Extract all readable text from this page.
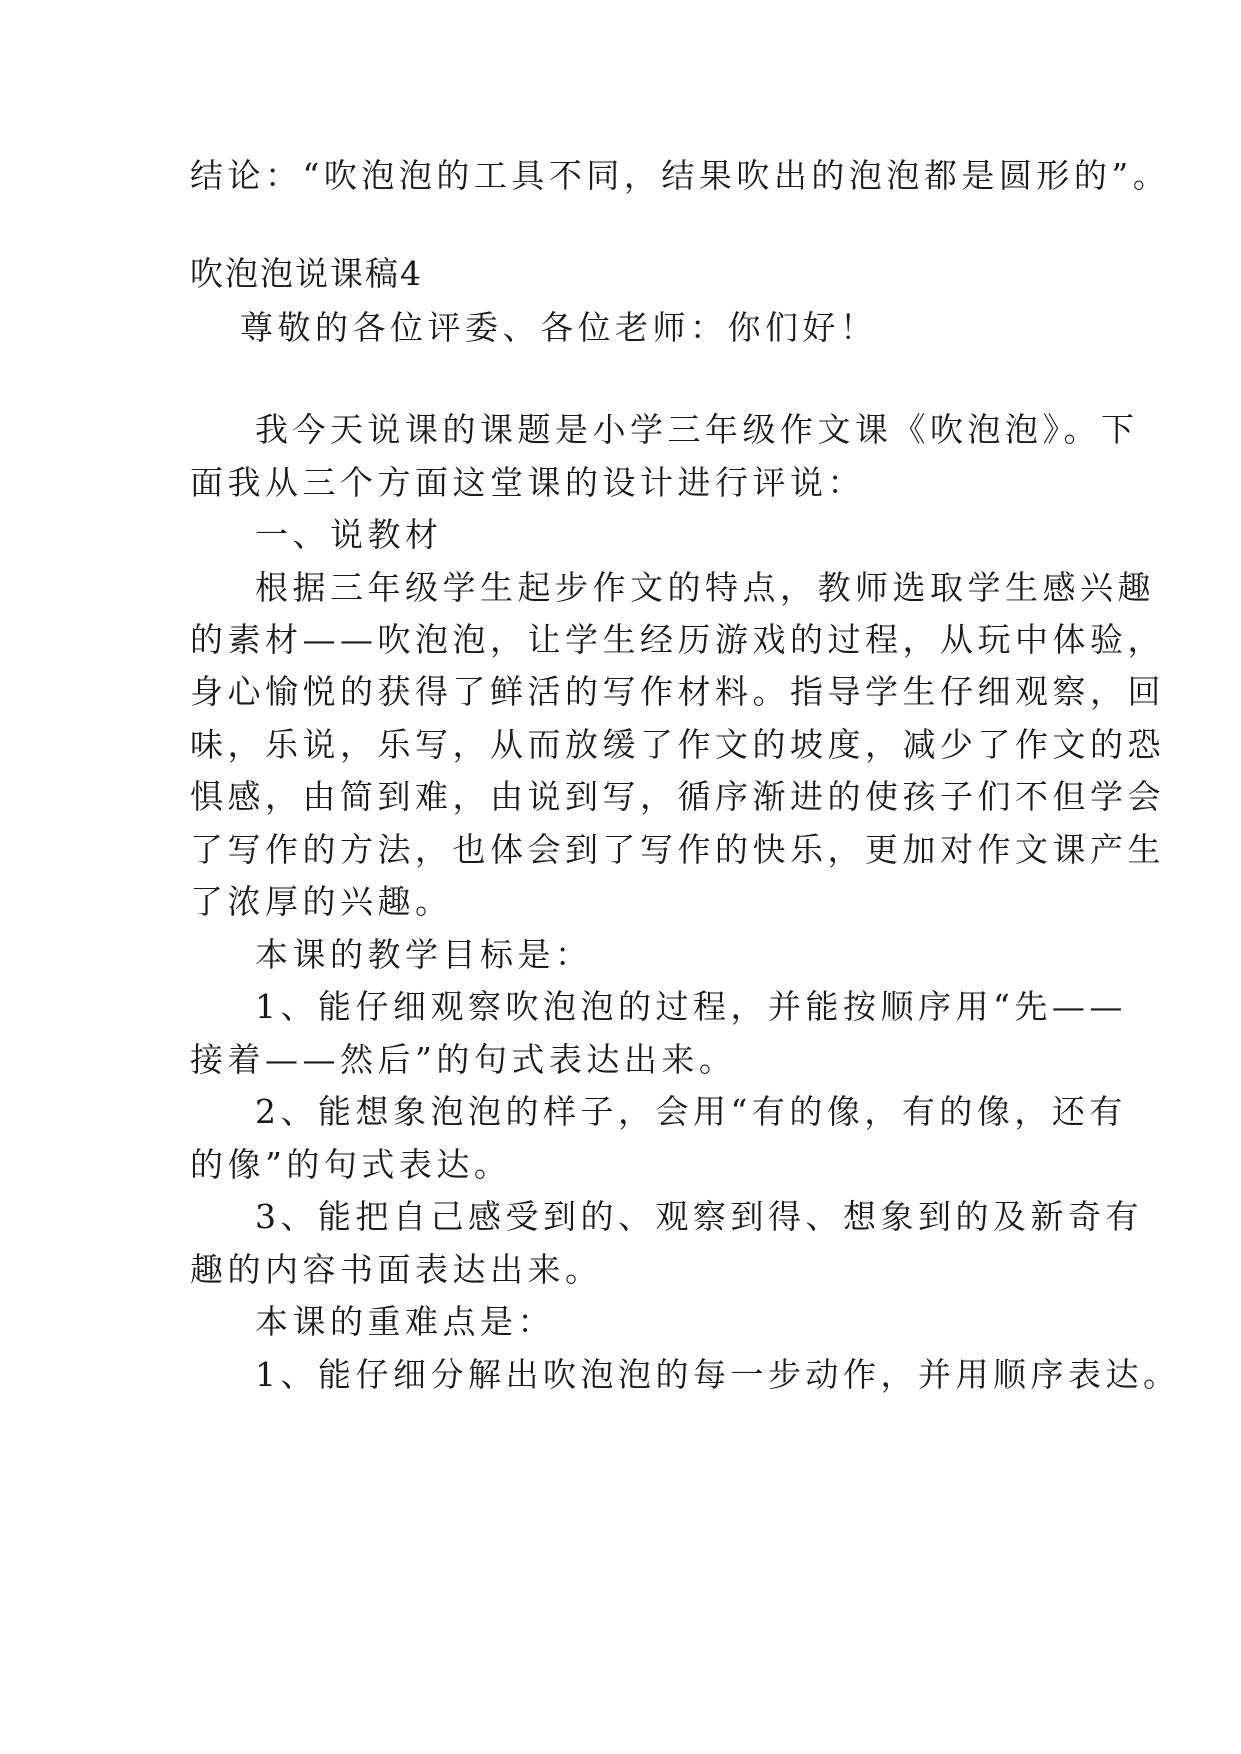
结论：“吹泡泡的工具不同，结果吹出的泡泡都是圆形的”。
吹泡泡说课稿4
尊敬的各位评委、各位老师：你们好！
我今天说课的课题是小学三年级作文课《吹泡泡》。下
面我从三个方面这堂课的设计进行评说：
一、说教材
根据三年级学生起步作文的特点，教师选取学生感兴趣
的素材——吹泡泡，让学生经历游戏的过程，从玩中体验，
身心愉悦的获得了鲜活的写作材料。指导学生仔细观察，回
味，乐说，乐写，从而放缓了作文的坡度，减少了作文的恐
惧感，由简到难，由说到写，循序渐进的使孩子们不但学会
了写作的方法，也体会到了写作的快乐，更加对作文课产生
了浓厚的兴趣。
本课的教学目标是：
1、能仔细观察吹泡泡的过程，并能按顺序用“先——
接着——然后”的句式表达出来。
2、能想象泡泡的样子，会用“有的像，有的像，还有
的像”的句式表达。
3、能把自己感受到的、观察到得、想象到的及新奇有
趣的内容书面表达出来。
本课的重难点是：
1、能仔细分解出吹泡泡的每一步动作，并用顺序表达。
